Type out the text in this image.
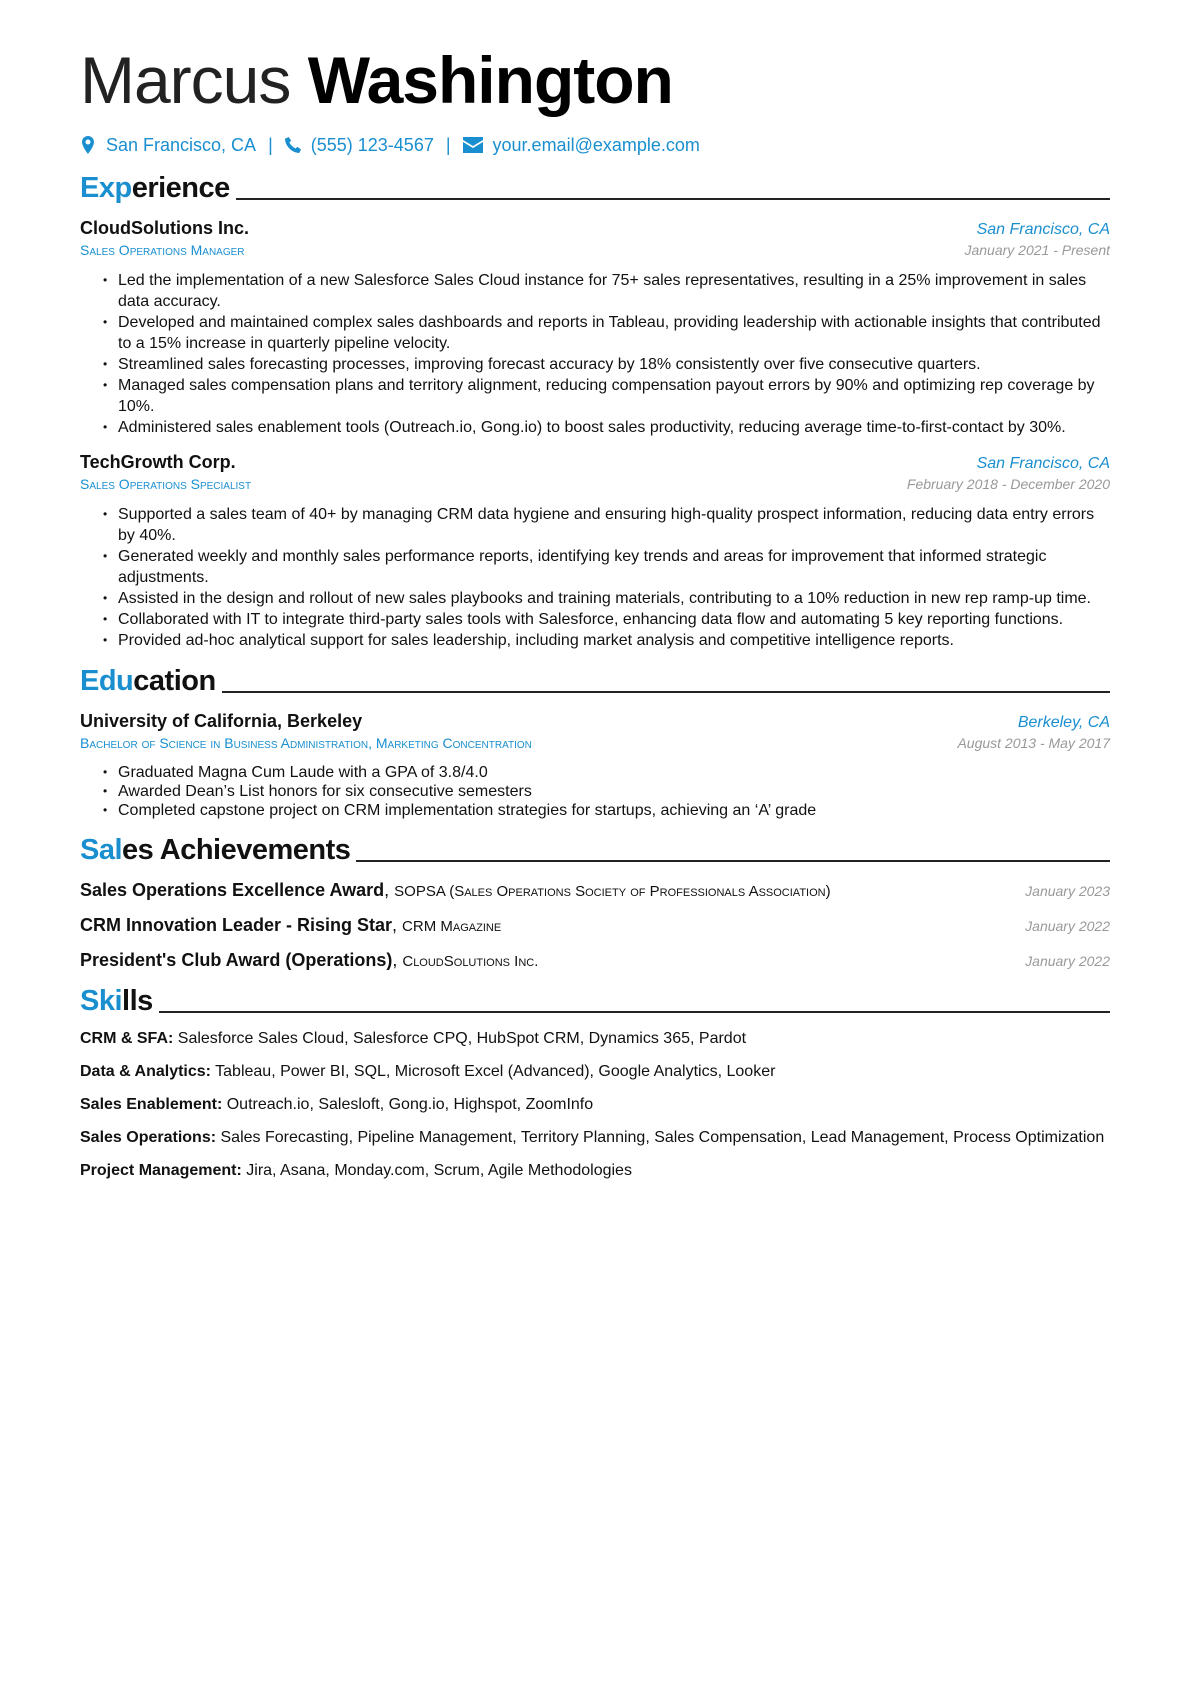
Marcus Washington
San Francisco, CA | (555) 123-4567 | your.email@example.com
Experience
CloudSolutions Inc.	San Francisco, CA
Sales Operations Manager	January 2021 - Present
• Led the implementation of a new Salesforce Sales Cloud instance for 75+ sales representatives, resulting in a 25% improvement in sales data accuracy.
• Developed and maintained complex sales dashboards and reports in Tableau, providing leadership with actionable insights that contributed to a 15% increase in quarterly pipeline velocity.
• Streamlined sales forecasting processes, improving forecast accuracy by 18% consistently over five consecutive quarters.
• Managed sales compensation plans and territory alignment, reducing compensation payout errors by 90% and optimizing rep coverage by 10%.
• Administered sales enablement tools (Outreach.io, Gong.io) to boost sales productivity, reducing average time-to-first-contact by 30%.
TechGrowth Corp.	San Francisco, CA
Sales Operations Specialist	February 2018 - December 2020
• Supported a sales team of 40+ by managing CRM data hygiene and ensuring high-quality prospect information, reducing data entry errors by 40%.
• Generated weekly and monthly sales performance reports, identifying key trends and areas for improvement that informed strategic adjustments.
• Assisted in the design and rollout of new sales playbooks and training materials, contributing to a 10% reduction in new rep ramp-up time.
• Collaborated with IT to integrate third-party sales tools with Salesforce, enhancing data flow and automating 5 key reporting functions.
• Provided ad-hoc analytical support for sales leadership, including market analysis and competitive intelligence reports.
Education
University of California, Berkeley	Berkeley, CA
Bachelor of Science in Business Administration, Marketing Concentration	August 2013 - May 2017
• Graduated Magna Cum Laude with a GPA of 3.8/4.0
• Awarded Dean’s List honors for six consecutive semesters
• Completed capstone project on CRM implementation strategies for startups, achieving an ‘A’ grade
Sales Achievements
Sales Operations Excellence Award, SOPSA (Sales Operations Society of Professionals Association)	January 2023
CRM Innovation Leader - Rising Star, CRM Magazine	January 2022
President's Club Award (Operations), CloudSolutions Inc.	January 2022
Skills
CRM & SFA: Salesforce Sales Cloud, Salesforce CPQ, HubSpot CRM, Dynamics 365, Pardot
Data & Analytics: Tableau, Power BI, SQL, Microsoft Excel (Advanced), Google Analytics, Looker
Sales Enablement: Outreach.io, Salesloft, Gong.io, Highspot, ZoomInfo
Sales Operations: Sales Forecasting, Pipeline Management, Territory Planning, Sales Compensation, Lead Management, Process Optimization
Project Management: Jira, Asana, Monday.com, Scrum, Agile Methodologies
